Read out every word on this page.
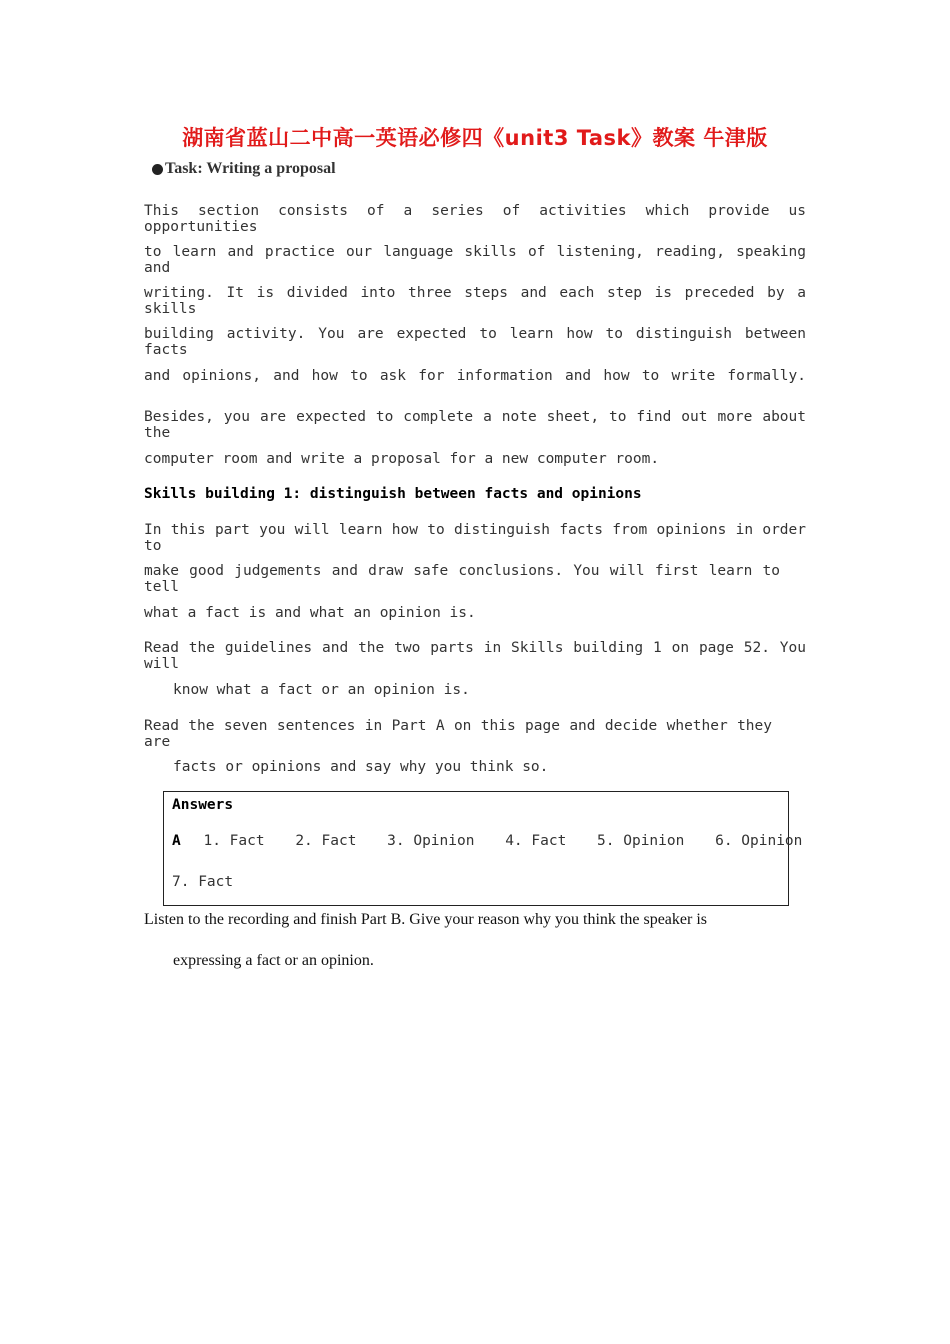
湖南省蓝山二中高一英语必修四《unit3 Task》教案 牛津版
Task: Writing a proposal
This section consists of a series of activities which provide us opportunities
to learn and practice our language skills of listening, reading, speaking and
writing. It is divided into three steps and each step is preceded by a skills
building activity. You are expected to learn how to distinguish between facts
and opinions, and how to ask for information and how to write formally.
Besides, you are expected to complete a note sheet, to find out more about the
computer room and write a proposal for a new computer room.
Skills building 1: distinguish between facts and opinions
In this part you will learn how to distinguish facts from opinions in order to
make good judgements and draw safe conclusions. You will first learn to tell
what a fact is and what an opinion is.
Read the guidelines and the two parts in Skills building 1 on page 52. You will
know what a fact or an opinion is.
Read the seven sentences in Part A on this page and decide whether they are
facts or opinions and say why you think so.
Answers
A 1. Fact 2. Fact 3. Opinion 4. Fact 5. Opinion 6. Opinion
7. Fact
Listen to the recording and finish Part B. Give your reason why you think the speaker is
expressing a fact or an opinion.
